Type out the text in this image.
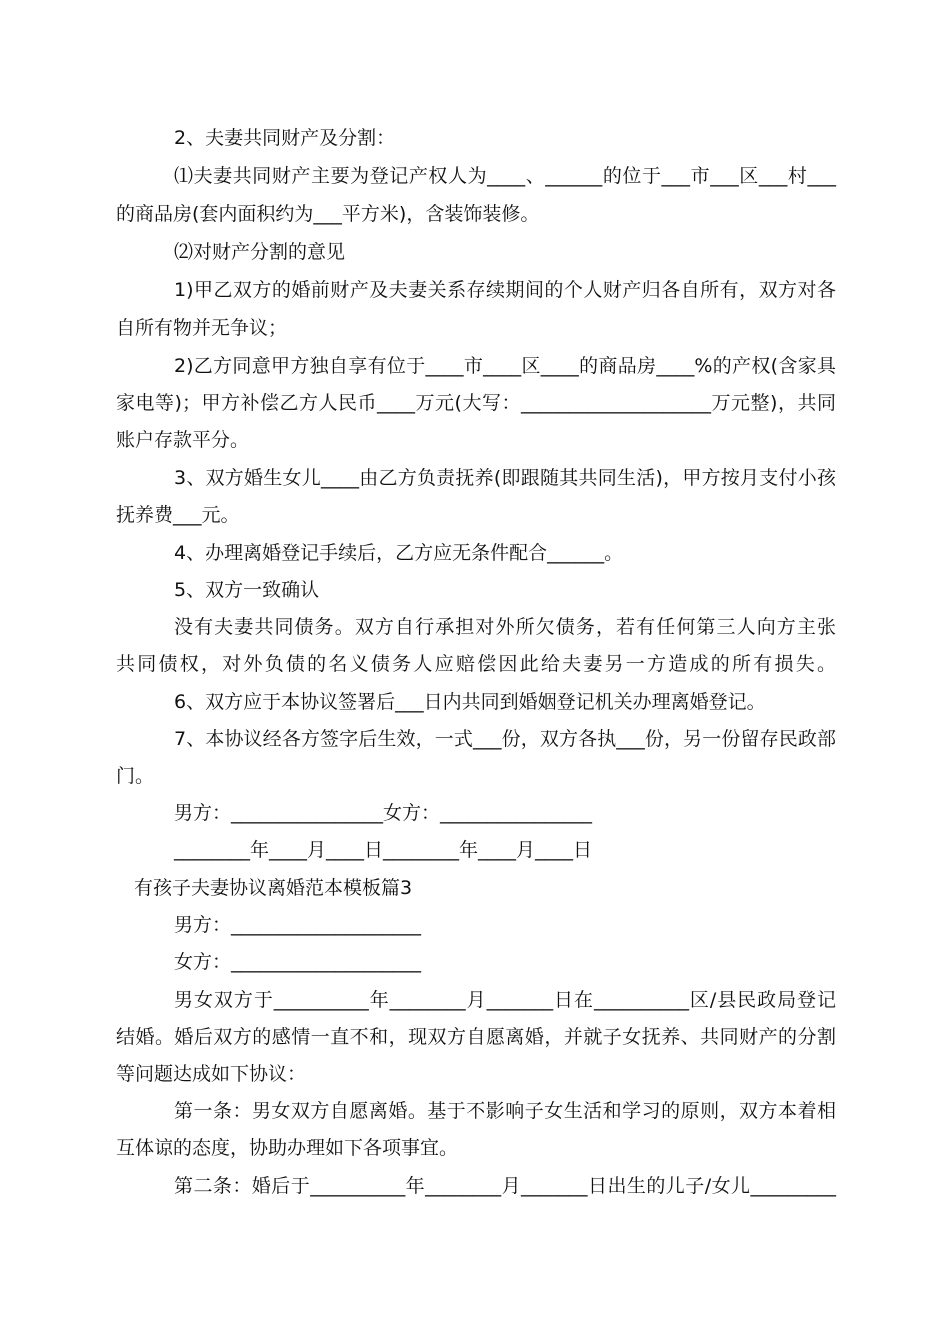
2、夫妻共同财产及分割：
⑴夫妻共同财产主要为登记产权人为____、______的位于___市___区___村___
的商品房(套内面积约为___平方米)，含装饰装修。
⑵对财产分割的意见
1)甲乙双方的婚前财产及夫妻关系存续期间的个人财产归各自所有，双方对各
自所有物并无争议；
2)乙方同意甲方独自享有位于____市____区____的商品房____%的产权(含家具
家电等)；甲方补偿乙方人民币____万元(大写：____________________万元整)，共同
账户存款平分。
3、双方婚生女儿____由乙方负责抚养(即跟随其共同生活)，甲方按月支付小孩
抚养费___元。
4、办理离婚登记手续后，乙方应无条件配合______。
5、双方一致确认
没有夫妻共同债务。双方自行承担对外所欠债务，若有任何第三人向方主张
共同债权，对外负债的名义债务人应赔偿因此给夫妻另一方造成的所有损失。
6、双方应于本协议签署后___日内共同到婚姻登记机关办理离婚登记。
7、本协议经各方签字后生效，一式___份，双方各执___份，另一份留存民政部
门。
男方：________________女方：________________
________年____月____日________年____月____日
有孩子夫妻协议离婚范本模板篇3
男方：____________________
女方：____________________
男女双方于__________年________月_______日在__________区/县民政局登记
结婚。婚后双方的感情一直不和，现双方自愿离婚，并就子女抚养、共同财产的分割
等问题达成如下协议：
第一条：男女双方自愿离婚。基于不影响子女生活和学习的原则，双方本着相
互体谅的态度，协助办理如下各项事宜。
第二条：婚后于__________年________月_______日出生的儿子/女儿_________
